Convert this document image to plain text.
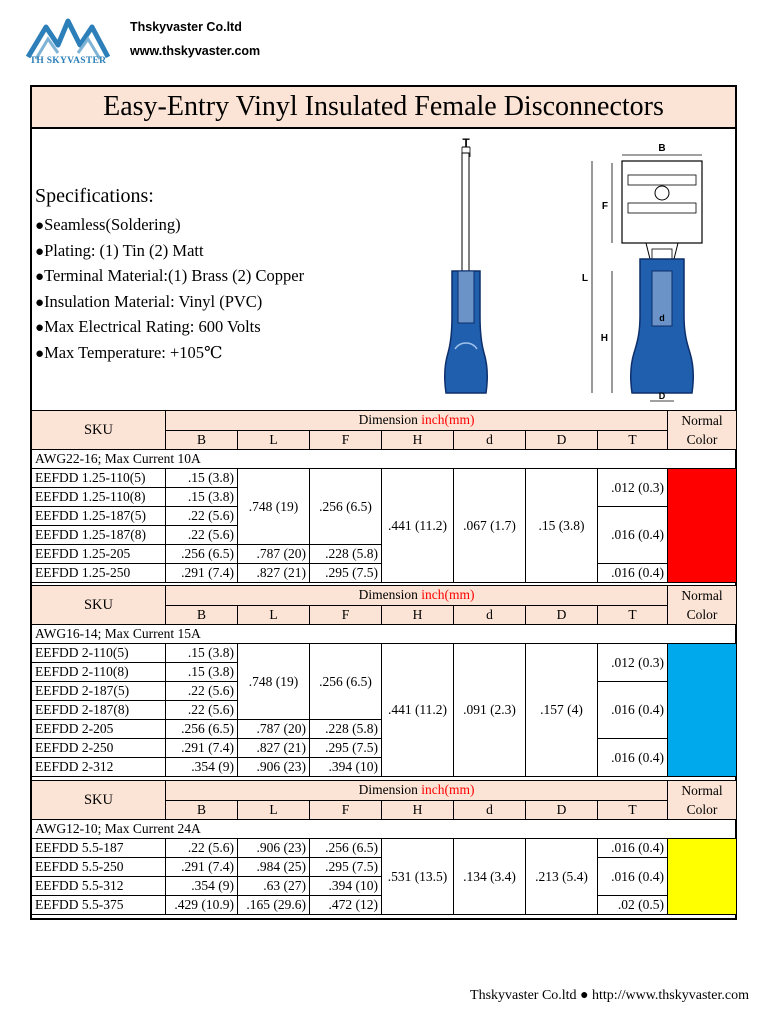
TH SKYVASTER
Thskyvaster Co.ltd
www.thskyvaster.com
Easy-Entry Vinyl Insulated Female Disconnectors
Specifications:
●Seamless(Soldering)
●Plating: (1) Tin (2) Matt
●Terminal Material:(1) Brass (2) Copper
●Insulation Material: Vinyl (PVC)
●Max Electrical Rating: 600 Volts
●Max Temperature: +105℃
T	B
d
F
L
H
D
SKU	Dimension inch(mm)							Normal
Color
	B	L	F	H	d	D	T	
AWG22-16; Max Current 10A								
EEFDD 1.25-110(5)	.15 (3.8)	.748 (19)	.256 (6.5)	.441 (11.2)	.067 (1.7)	.15 (3.8)	.012 (0.3)	
EEFDD 1.25-110(8)	.15 (3.8)							
EEFDD 1.25-187(5)	.22 (5.6)						.016 (0.4)	
EEFDD 1.25-187(8)	.22 (5.6)							
EEFDD 1.25-205	.256 (6.5)	.787 (20)	.228 (5.8)					
EEFDD 1.25-250	.291 (7.4)	.827 (21)	.295 (7.5)				.016 (0.4)	
SKU	Dimension inch(mm)							Normal
Color
	B	L	F	H	d	D	T	
AWG16-14; Max Current 15A								
EEFDD 2-110(5)	.15 (3.8)	.748 (19)	.256 (6.5)	.441 (11.2)	.091 (2.3)	.157 (4)	.012 (0.3)	
EEFDD 2-110(8)	.15 (3.8)							
EEFDD 2-187(5)	.22 (5.6)						.016 (0.4)	
EEFDD 2-187(8)	.22 (5.6)							
EEFDD 2-205	.256 (6.5)	.787 (20)	.228 (5.8)					
EEFDD 2-250	.291 (7.4)	.827 (21)	.295 (7.5)				.016 (0.4)	
EEFDD 2-312	.354 (9)	.906 (23)	.394 (10)					
SKU	Dimension inch(mm)							Normal
Color
	B	L	F	H	d	D	T	
AWG12-10; Max Current 24A								
EEFDD 5.5-187	.22 (5.6)	.906 (23)	.256 (6.5)	.531 (13.5)	.134 (3.4)	.213 (5.4)	.016 (0.4)	
EEFDD 5.5-250	.291 (7.4)	.984 (25)	.295 (7.5)				.016 (0.4)	
EEFDD 5.5-312	.354 (9)	.63 (27)	.394 (10)					
EEFDD 5.5-375	.429 (10.9)	.165 (29.6)	.472 (12)				.02 (0.5)	
Thskyvaster Co.ltd ● http://www.thskyvaster.com
